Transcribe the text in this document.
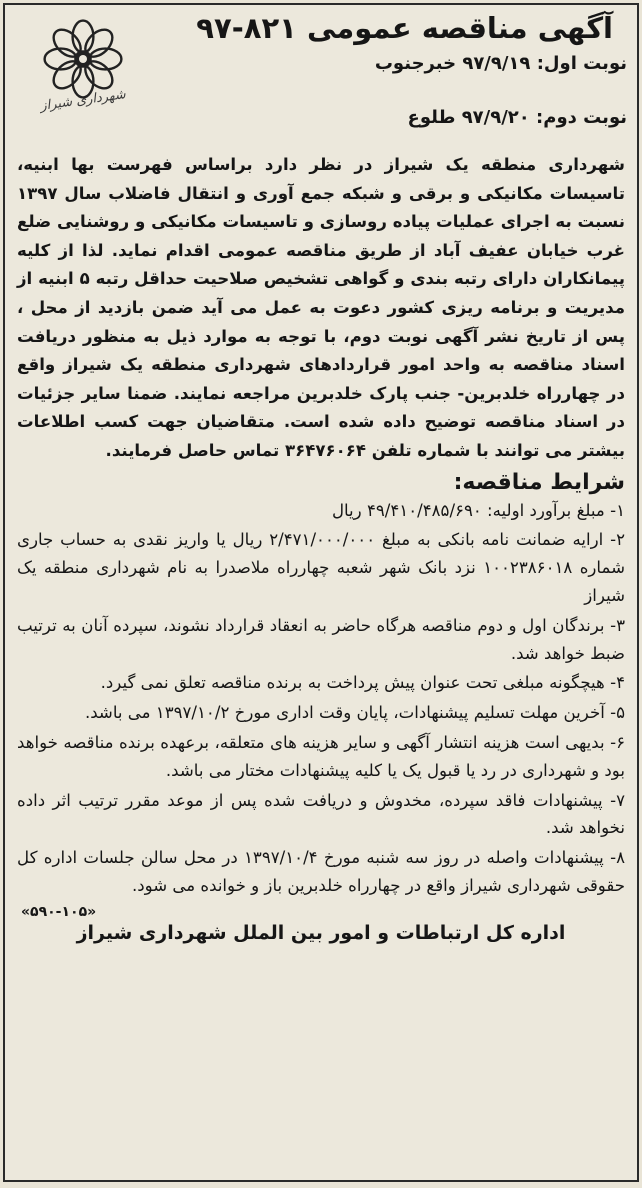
آگهی مناقصه عمومی ۸۲۱-۹۷
شهرداری شیراز
نوبت اول: ۹۷/۹/۱۹ خبرجنوب
نوبت دوم: ۹۷/۹/۲۰ طلوع

شهرداری منطقه یک شیراز در نظر دارد براساس فهرست بها ابنیه، تاسیسات مکانیکی و برقی و شبکه جمع آوری و انتقال فاضلاب سال ۱۳۹۷ نسبت به اجرای عملیات پیاده روسازی و تاسیسات مکانیکی و روشنایی ضلع غرب خیابان عفیف آباد از طریق مناقصه عمومی اقدام نماید. لذا از کلیه پیمانکاران دارای رتبه بندی و گواهی تشخیص صلاحیت حداقل رتبه ۵ ابنیه از مدیریت و برنامه ریزی کشور دعوت به عمل می آید ضمن بازدید از محل ، پس از تاریخ نشر آگهی نوبت دوم، با توجه به موارد ذیل به منظور دریافت اسناد مناقصه به واحد امور قراردادهای شهرداری منطقه یک شیراز واقع در چهارراه خلدبرین- جنب پارک خلدبرین مراجعه نمایند. ضمنا سایر جزئیات در اسناد مناقصه توضیح داده شده است. متقاضیان جهت کسب اطلاعات بیشتر می توانند با شماره تلفن ۳۶۴۷۶۰۶۴ تماس حاصل فرمایند.

شرایط مناقصه:

۱- مبلغ برآورد اولیه: ۴۹/۴۱۰/۴۸۵/۶۹۰ ریال

۲- ارایه ضمانت نامه بانکی به مبلغ ۲/۴۷۱/۰۰۰/۰۰۰ ریال یا واریز نقدی به حساب جاری شماره ۱۰۰۲۳۸۶۰۱۸ نزد بانک شهر شعبه چهارراه ملاصدرا به نام شهرداری منطقه یک شیراز

۳- برندگان اول و دوم مناقصه هرگاه حاضر به انعقاد قرارداد نشوند، سپرده آنان به ترتیب ضبط خواهد شد.

۴- هیچگونه مبلغی تحت عنوان پیش پرداخت به برنده مناقصه تعلق نمی گیرد.

۵- آخرین مهلت تسلیم پیشنهادات، پایان وقت اداری مورخ ۱۳۹۷/۱۰/۲ می باشد.

۶- بدیهی است هزینه انتشار آگهی و سایر هزینه های متعلقه، برعهده برنده مناقصه خواهد بود و شهرداری در رد یا قبول یک یا کلیه پیشنهادات مختار می باشد.

۷- پیشنهادات فاقد سپرده، مخدوش و دریافت شده پس از موعد مقرر ترتیب اثر داده نخواهد شد.

۸- پیشنهادات واصله در روز سه شنبه مورخ ۱۳۹۷/۱۰/۴ در محل سالن جلسات اداره کل حقوقی شهرداری شیراز واقع در چهارراه خلدبرین باز و خوانده می شود.

«۵۹۰-۱۰۵»
اداره کل ارتباطات و امور بین الملل شهرداری شیراز
